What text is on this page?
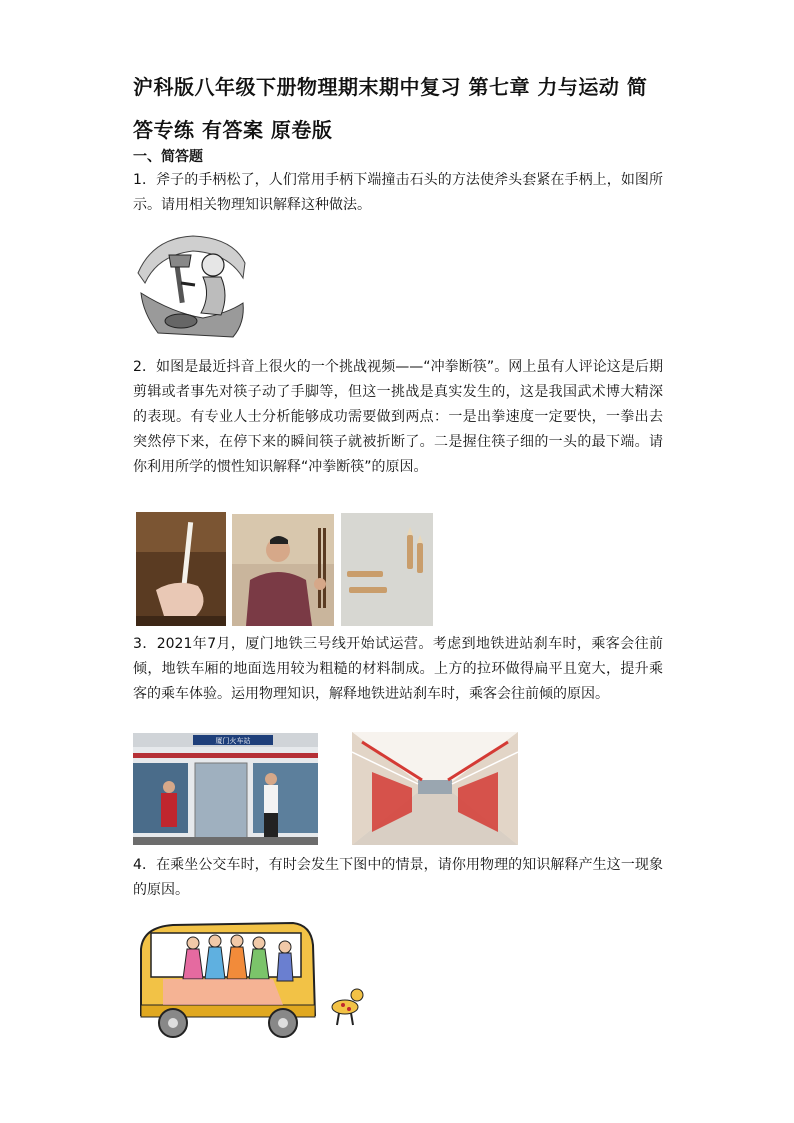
沪科版八年级下册物理期末期中复习 第七章 力与运动 简答专练 有答案 原卷版
一、简答题

1．斧子的手柄松了，人们常用手柄下端撞击石头的方法使斧头套紧在手柄上，如图所示。请用相关物理知识解释这种做法。

2．如图是最近抖音上很火的一个挑战视频——“冲拳断筷”。网上虽有人评论这是后期剪辑或者事先对筷子动了手脚等，但这一挑战是真实发生的，这是我国武术博大精深的表现。有专业人士分析能够成功需要做到两点：一是出拳速度一定要快，一拳出去突然停下来，在停下来的瞬间筷子就被折断了。二是握住筷子细的一头的最下端。请你利用所学的惯性知识解释“冲拳断筷”的原因。

3．2021年7月，厦门地铁三号线开始试运营。考虑到地铁进站刹车时，乘客会往前倾，地铁车厢的地面选用较为粗糙的材料制成。上方的拉环做得扁平且宽大，提升乘客的乘车体验。运用物理知识，解释地铁进站刹车时，乘客会往前倾的原因。

厦门火车站

4．在乘坐公交车时，有时会发生下图中的情景，请你用物理的知识解释产生这一现象的原因。
